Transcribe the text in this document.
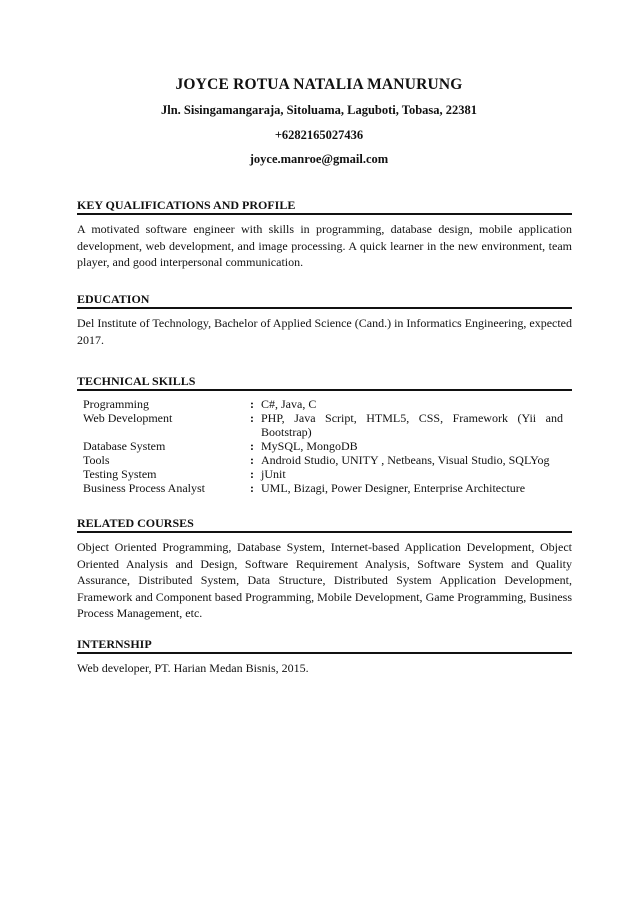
JOYCE ROTUA NATALIA MANURUNG
Jln. Sisingamangaraja, Sitoluama, Laguboti, Tobasa, 22381
+6282165027436
joyce.manroe@gmail.com
KEY QUALIFICATIONS AND PROFILE
A motivated software engineer with skills in programming, database design, mobile application development, web development, and image processing. A quick learner in the new environment, team player, and good interpersonal communication.
EDUCATION
Del Institute of Technology, Bachelor of Applied Science (Cand.) in Informatics Engineering, expected 2017.
TECHNICAL SKILLS
Programming	: C#, Java, C
Web Development	: PHP, Java Script, HTML5, CSS, Framework (Yii and Bootstrap)
Database System	: MySQL, MongoDB
Tools	: Android Studio, UNITY , Netbeans, Visual Studio, SQLYog
Testing System	: jUnit
Business Process Analyst	: UML, Bizagi, Power Designer, Enterprise Architecture
RELATED COURSES
Object Oriented Programming, Database System, Internet-based Application Development, Object Oriented Analysis and Design, Software Requirement Analysis, Software System and Quality Assurance, Distributed System, Data Structure, Distributed System Application Development, Framework and Component based Programming, Mobile Development, Game Programming, Business Process Management, etc.
INTERNSHIP
Web developer, PT. Harian Medan Bisnis, 2015.
